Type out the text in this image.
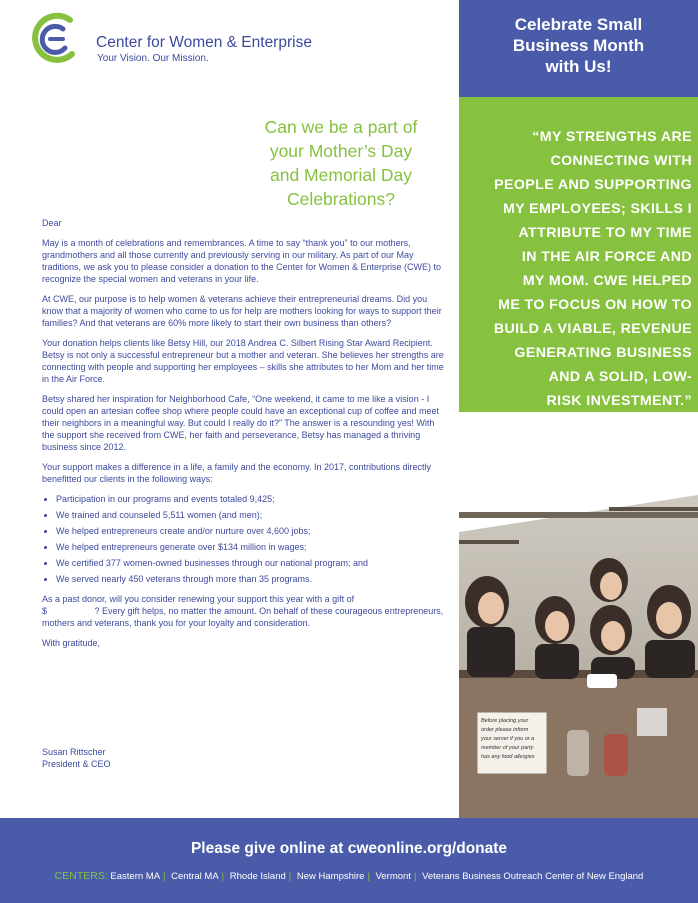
Center for Women & Enterprise
Your Vision. Our Mission.
Celebrate Small
Business Month
with Us!
“MY STRENGTHS ARE
CONNECTING WITH
PEOPLE AND SUPPORTING
MY EMPLOYEES; SKILLS I
ATTRIBUTE TO MY TIME
IN THE AIR FORCE AND
MY MOM. CWE HELPED
ME TO FOCUS ON HOW TO
BUILD A VIABLE, REVENUE
GENERATING BUSINESS
AND A SOLID, LOW-
RISK INVESTMENT.”
Before placing your
order please inform
your server if you or a
member of your party
has any food allergies
Can we be a part of
your Mother’s Day
and Memorial Day
Celebrations?

Dear

May is a month of celebrations and remembrances. A time to say “thank you” to our mothers, grandmothers and all those currently and previously serving in our military. As part of our May traditions, we ask you to please consider a donation to the Center for Women & Enterprise (CWE) to recognize the special women and veterans in your life.

At CWE, our purpose is to help women & veterans achieve their entrepreneurial dreams. Did you know that a majority of women who come to us for help are mothers looking for ways to support their families? And that veterans are 60% more likely to start their own business than others?

Your donation helps clients like Betsy Hill, our 2018 Andrea C. Silbert Rising Star Award Recipient. Betsy is not only a successful entrepreneur but a mother and veteran. She believes her strengths are connecting with people and supporting her employees – skills she attributes to her Mom and her time in the Air Force.

Betsy shared her inspiration for Neighborhood Cafe, “One weekend, it came to me like a vision - I could open an artesian coffee shop where people could have an exceptional cup of coffee and meet their neighbors in a meaningful way. But could I really do it?” The answer is a resounding yes! With the support she received from CWE, her faith and perseverance, Betsy has managed a thriving business since 2012.

Your support makes a difference in a life, a family and the economy. In 2017, contributions directly benefitted our clients in the following ways:

• Participation in our programs and events totaled 9,425;
• We trained and counseled 5,511 women (and men);
• We helped entrepreneurs create and/or nurture over 4,600 jobs;
• We helped entrepreneurs generate over $134 million in wages;
• We certified 377 women-owned businesses through our national program; and
• We served nearly 450 veterans through more than 35 programs.

As a past donor, will you consider renewing your support this year with a gift of
$                   ? Every gift helps, no matter the amount. On behalf of these courageous entrepreneurs, mothers and veterans, thank you for your loyalty and consideration.

With gratitude,

Susan Rittscher
President & CEO
Please give online at cweonline.org/donate
CENTERS: Eastern MA | Central MA | Rhode Island | New Hampshire | Vermont | Veterans Business Outreach Center of New England
